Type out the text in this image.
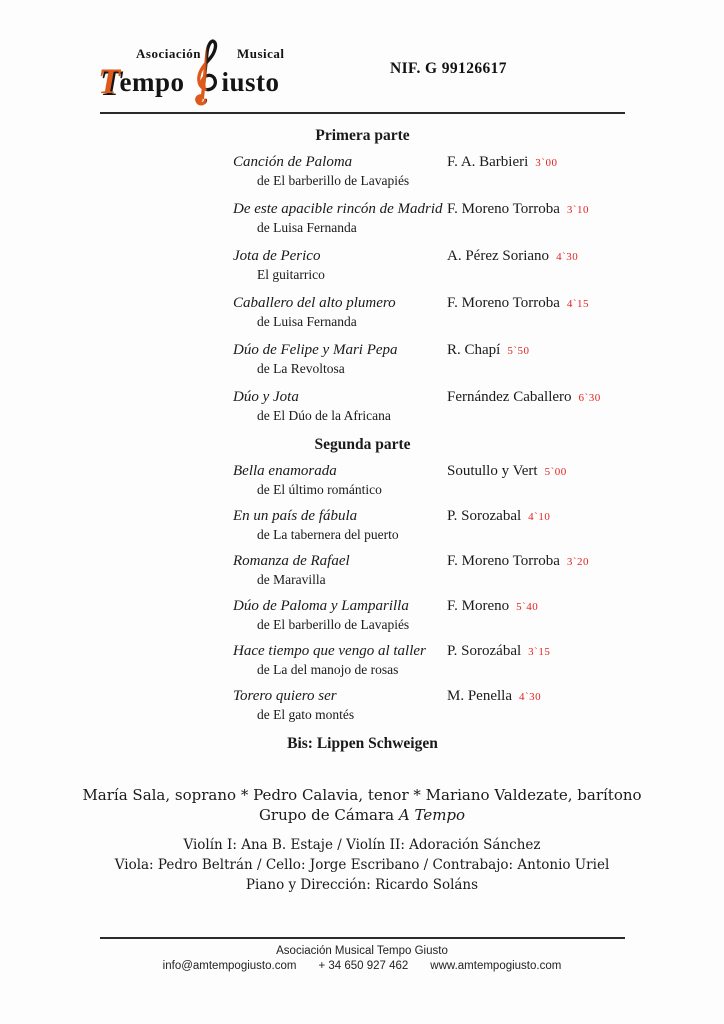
Asociación	Musical
Tempo iusto	NIF. G 99126617
Primera parte
Canción de Paloma
de El barberillo de Lavapiés
F. A. Barbieri 3`00
De este apacible rincón de Madrid
de Luisa Fernanda
F. Moreno Torroba 3`10
Jota de Perico
El guitarrico
A. Pérez Soriano 4`30
Caballero del alto plumero
de Luisa Fernanda
F. Moreno Torroba 4`15
Dúo de Felipe y Mari Pepa
de La Revoltosa
R. Chapí 5`50
Dúo y Jota
de El Dúo de la Africana
Fernández Caballero 6`30
Segunda parte
Bella enamorada
de El último romántico
Soutullo y Vert 5`00
En un país de fábula
de La tabernera del puerto
P. Sorozabal 4`10
Romanza de Rafael
de Maravilla
F. Moreno Torroba 3`20
Dúo de Paloma y Lamparilla
de El barberillo de Lavapiés
F. Moreno 5`40
Hace tiempo que vengo al taller
de La del manojo de rosas
P. Sorozábal 3`15
Torero quiero ser
de El gato montés
M. Penella 4`30
Bis: Lippen Schweigen
María Sala, soprano * Pedro Calavia, tenor * Mariano Valdezate, barítono
Grupo de Cámara A Tempo
Violín I: Ana B. Estaje / Violín II: Adoración Sánchez
Viola: Pedro Beltrán / Cello: Jorge Escribano / Contrabajo: Antonio Uriel
Piano y Dirección: Ricardo Soláns
Asociación Musical Tempo Giusto
info@amtempogiusto.com + 34 650 927 462 www.amtempogiusto.com
